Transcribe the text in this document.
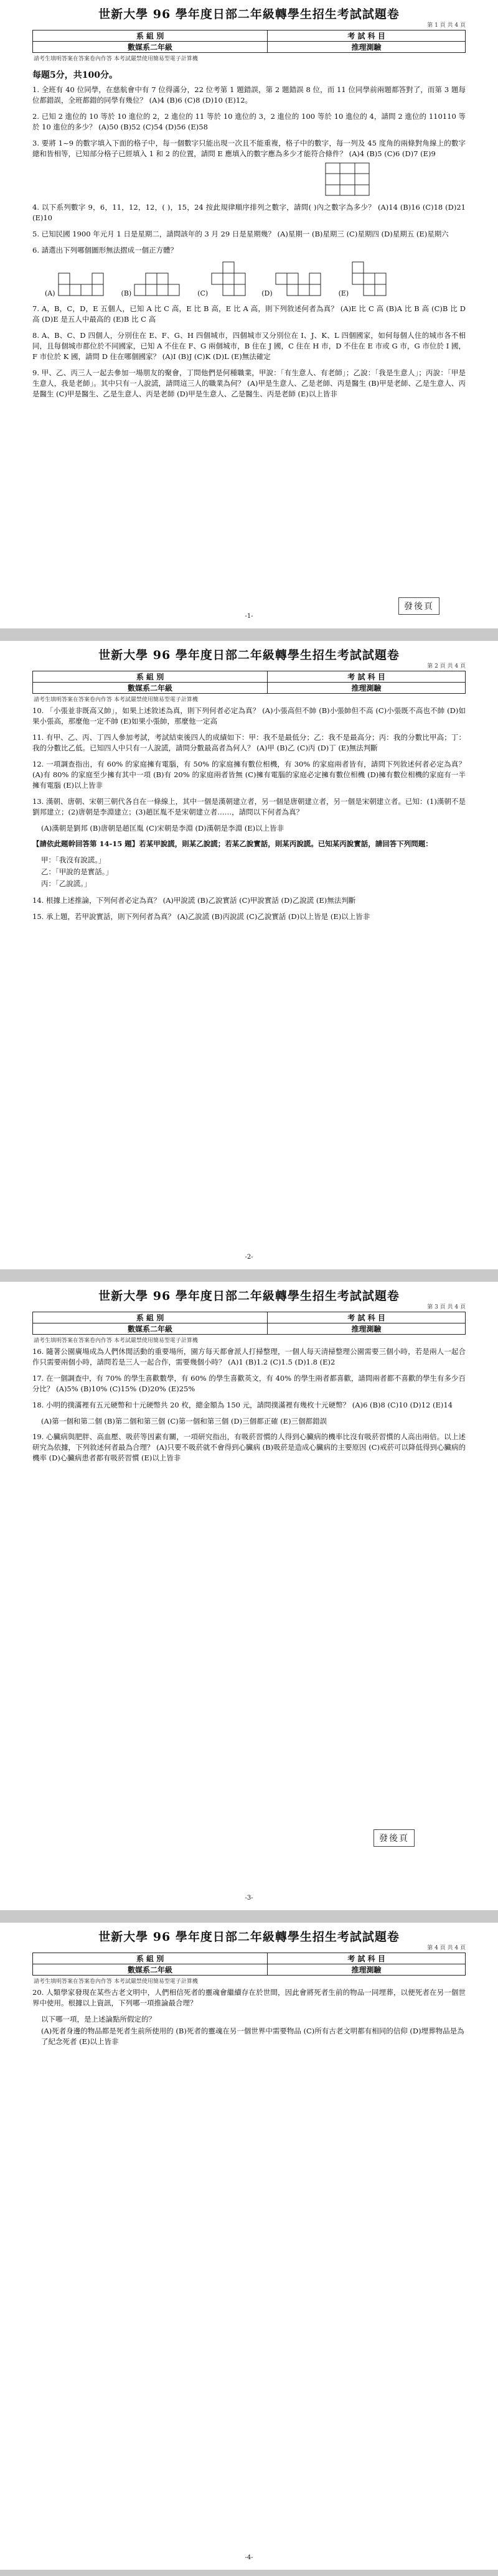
世新大學 96 學年度日部二年級轉學生招生考試試題卷
第 1 頁 共 4 頁
系 組 別	考 試 科 目
數媒系二年級	推理測驗
請考生填明答案在答案卷內作答 本考試嚴禁使用簡易型電子計算機
每題5分，共100分。
1. 全班有 40 位同學，在慈航會中有 7 位得滿分，22 位考第 1 題錯誤，第 2 題錯誤 8 位，而 11 位同學前兩題都答對了，而第 3 題每位都錯誤，全班都錯的同學有幾位？ (A)4 (B)6 (C)8 (D)10 (E)12。
2. 已知 2 進位的 10 等於 10 進位的 2，2 進位的 11 等於 10 進位的 3，2 進位的 100 等於 10 進位的 4，請問 2 進位的 110110 等於 10 進位的多少？ (A)50 (B)52 (C)54 (D)56 (E)58
3. 要將 1~9 的數字填入下面的格子中，每一個數字只能出現一次且不能重複，格子中的數字，每一列及 45 度角的兩條對角線上的數字總和皆相等，已知部分格子已經填入 1 和 2 的位置，請問 E 應填入的數字應為多少才能符合條件？ (A)4 (B)5 (C)6 (D)7 (E)9
4. 以下系列數字 9，6，11，12，12，( )，15，24 按此規律順序排列之數字，請問( )內之數字為多少？ (A)14 (B)16 (C)18 (D)21 (E)10
5. 已知民國 1900 年元月 1 日是星期二，請問該年的 3 月 29 日是星期幾？ (A)星期一 (B)星期三 (C)星期四 (D)星期五 (E)星期六
6. 請選出下列哪個圖形無法摺成一個正方體？
(A)	(B)	(C)	(D)	(E)
7. A，B，C，D，E 五個人，已知 A 比 C 高，E 比 B 高，E 比 A 高，則下列敘述何者為真？ (A)E 比 C 高 (B)A 比 B 高 (C)B 比 D 高 (D)E 是五人中最高的 (E)B 比 C 高
8. A、B、C、D 四個人，分別住在 E、F、G、H 四個城市，四個城市又分別位在 I、J、K、L 四個國家，如何每個人住的城市各不相同，且每個城市都位於不同國家，已知 A 不住在 F、G 兩個城市，B 住在 J 國，C 住在 H 市，D 不住在 E 市或 G 市，G 市位於 I 國，F 市位於 K 國，請問 D 住在哪個國家？ (A)I (B)J (C)K (D)L (E)無法確定
9. 甲、乙、丙三人一起去參加一場朋友的聚會，丁問他們是何種職業，甲說：「有生意人、有老師」；乙說：「我是生意人」；丙說：「甲是生意人，我是老師」。其中只有一人說謊，請問這三人的職業為何？ (A)甲是生意人、乙是老師、丙是醫生 (B)甲是老師、乙是生意人、丙是醫生 (C)甲是醫生、乙是生意人、丙是老師 (D)甲是生意人、乙是醫生、丙是老師 (E)以上皆非
-1-
發後頁
世新大學 96 學年度日部二年級轉學生招生考試試題卷
第 2 頁 共 4 頁
系 組 別	考 試 科 目
數媒系二年級	推理測驗
請考生填明答案在答案卷內作答 本考試嚴禁使用簡易型電子計算機
10. 「小張並非既高又帥」，如果上述敘述為真，則下列何者必定為真？ (A)小張高但不帥 (B)小張帥但不高 (C)小張既不高也不帥 (D)如果小張高，那麼他一定不帥 (E)如果小張帥，那麼他一定高
11. 有甲、乙、丙、丁四人參加考試，考試結束後四人的成績如下：甲：我不是最低分；乙：我不是最高分；丙：我的分數比甲高；丁：我的分數比乙低。已知四人中只有一人說謊，請問分數最高者為何人？ (A)甲 (B)乙 (C)丙 (D)丁 (E)無法判斷
12. 一項調查指出，有 60% 的家庭擁有電腦，有 50% 的家庭擁有數位相機，有 30% 的家庭兩者皆有，請問下列敘述何者必定為真？ (A)有 80% 的家庭至少擁有其中一項 (B)有 20% 的家庭兩者皆無 (C)擁有電腦的家庭必定擁有數位相機 (D)擁有數位相機的家庭有一半擁有電腦 (E)以上皆非
13. 漢朝、唐朝、宋朝三朝代各自在一條線上，其中一個是漢朝建立者，另一個是唐朝建立者，另一個是宋朝建立者。已知：(1)漢朝不是劉邦建立；(2)唐朝是李淵建立；(3)趙匡胤不是宋朝建立者……，請問以下何者為真？
(A)漢朝是劉邦 (B)唐朝是趙匡胤 (C)宋朝是李淵 (D)漢朝是李淵 (E)以上皆非
【請依此題幹回答第 14-15 題】若某甲說謊，則某乙說謊；若某乙說實話，則某丙說謊。已知某丙說實話，請回答下列問題：
甲：「我沒有說謊。」
乙：「甲說的是實話。」
丙：「乙說謊。」
14. 根據上述推論，下列何者必定為真？ (A)甲說謊 (B)乙說實話 (C)甲說實話 (D)乙說謊 (E)無法判斷
15. 承上題，若甲說實話，則下列何者為真？ (A)乙說謊 (B)丙說謊 (C)乙說實話 (D)以上皆是 (E)以上皆非
-2-
世新大學 96 學年度日部二年級轉學生招生考試試題卷
第 3 頁 共 4 頁
系 組 別	考 試 科 目
數媒系二年級	推理測驗
請考生填明答案在答案卷內作答 本考試嚴禁使用簡易型電子計算機
16. 隨著公園廣場成為人們休閒活動的重要場所，園方每天都會派人打掃整理，一個人每天清掃整理公園需要三個小時，若是兩人一起合作只需要兩個小時，請問若是三人一起合作，需要幾個小時？ (A)1 (B)1.2 (C)1.5 (D)1.8 (E)2
17. 在一個調查中，有 70% 的學生喜歡數學，有 60% 的學生喜歡英文，有 40% 的學生兩者都喜歡，請問兩者都不喜歡的學生有多少百分比？ (A)5% (B)10% (C)15% (D)20% (E)25%
18. 小明的撲滿裡有五元硬幣和十元硬幣共 20 枚，總金額為 150 元，請問撲滿裡有幾枚十元硬幣？ (A)6 (B)8 (C)10 (D)12 (E)14
(A)第一個和第二個 (B)第二個和第三個 (C)第一個和第三個 (D)三個都正確 (E)三個都錯誤
19. 心臟病與肥胖、高血壓、吸菸等因素有關，一項研究指出，有吸菸習慣的人得到心臟病的機率比沒有吸菸習慣的人高出兩倍。以上述研究為依據，下列敘述何者最為合理？ (A)只要不吸菸就不會得到心臟病 (B)吸菸是造成心臟病的主要原因 (C)戒菸可以降低得到心臟病的機率 (D)心臟病患者都有吸菸習慣 (E)以上皆非
-3-
發後頁
世新大學 96 學年度日部二年級轉學生招生考試試題卷
第 4 頁 共 4 頁
系 組 別	考 試 科 目
數媒系二年級	推理測驗
請考生填明答案在答案卷內作答 本考試嚴禁使用簡易型電子計算機
20. 人類學家發現在某些古老文明中，人們相信死者的靈魂會繼續存在於世間，因此會將死者生前的物品一同埋葬，以便死者在另一個世界中使用。根據以上資訊，下列哪一項推論最合理？
以下哪一項，是上述論點所假定的？
(A)死者身邊的物品都是死者生前所使用的 (B)死者的靈魂在另一個世界中需要物品 (C)所有古老文明都有相同的信仰 (D)埋葬物品是為了紀念死者 (E)以上皆非
-4-
